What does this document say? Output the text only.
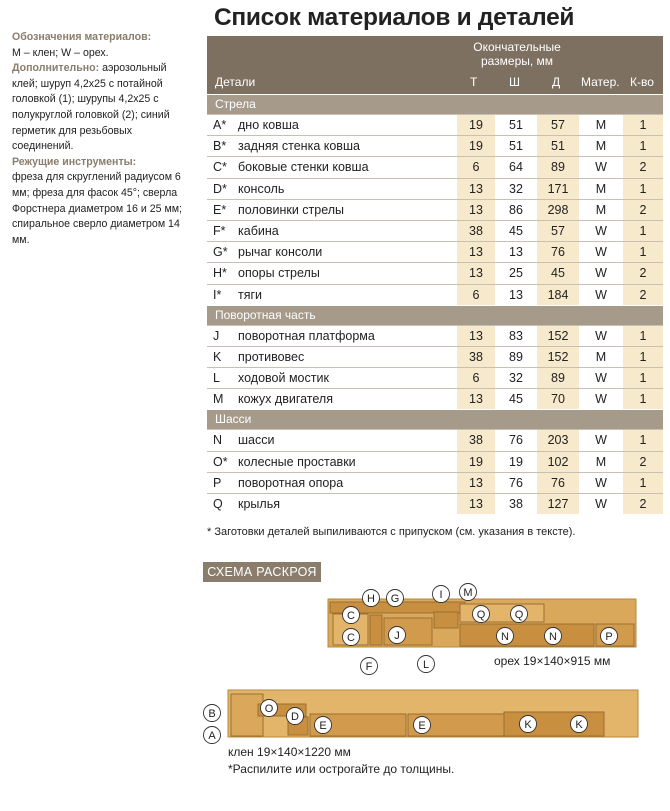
Обозначения материалов:

M – клен; W – орех.

Дополнительно: аэрозольный клей; шуруп 4,2х25 с потайной головкой (1); шурупы 4,2х25 с полукруглой головкой (2); синий герметик для резьбовых соединений.

Режущие инструменты:

фреза для скруглений радиусом 6 мм; фреза для фасок 45°; сверла Форстнера диаметром 16 и 25 мм; спиральное сверло диаметром 14 мм.

Список материалов и деталей
Окончательные
размеры, мм
Детали	Т	Ш	Д Матер. К-во
Стрела
A* дно ковша	19	51	57	M	1
B* задняя стенка ковша	19	51	51	M	1
C* боковые стенки ковша	6	64	89	W	2
D* консоль	13	32	171	M	1
E* половинки стрелы	13	86	298	M	2
F* кабина	38	45	57	W	1
G* рычаг консоли	13	13	76	W	1
H* опоры стрелы	13	25	45	W	2
I* тяги	6	13	184	W	2
Поворотная часть
J поворотная платформа	13	83	152	W	1
K противовес	38	89	152	M	1
L ходовой мостик	6	32	89	W	1
M кожух двигателя	13	45	70	W	1
Шасси
N шасси	38	76	203	W	1
O* колесные проставки	19	19	102	M	2
P поворотная опора	13	76	76	W	1
Q крылья	13	38	127	W	2
* Заготовки деталей выпиливаются с припуском (см. указания в тексте).
СХЕМА РАСКРОЯ
H G	I M
C	Q	Q
C	J	N	N	P
F	L
B	O
D
E	E	K	K
A
орех 19×140×915 мм
клен 19×140×1220 мм
*Распилите или острогайте до толщины.
